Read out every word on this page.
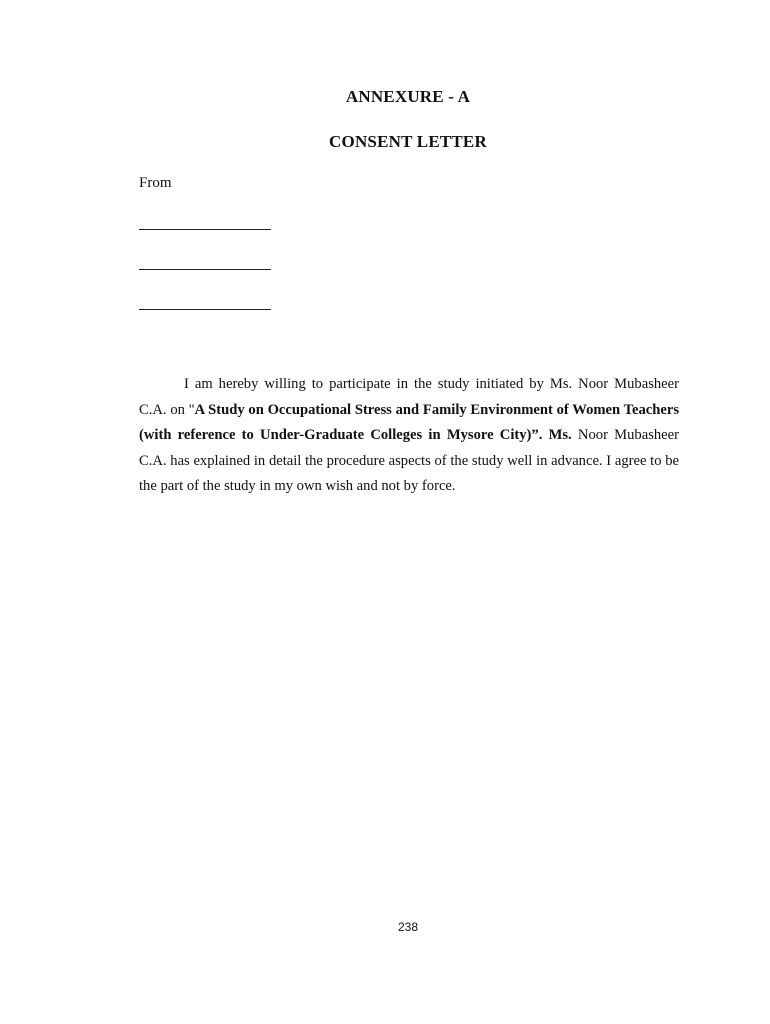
ANNEXURE - A
CONSENT LETTER
From
I am hereby willing to participate in the study initiated by Ms. Noor Mubasheer C.A. on "A Study on Occupational Stress and Family Environment of Women Teachers (with reference to Under-Graduate Colleges in Mysore City)”. Ms. Noor Mubasheer C.A. has explained in detail the procedure aspects of the study well in advance. I agree to be the part of the study in my own wish and not by force.
238
